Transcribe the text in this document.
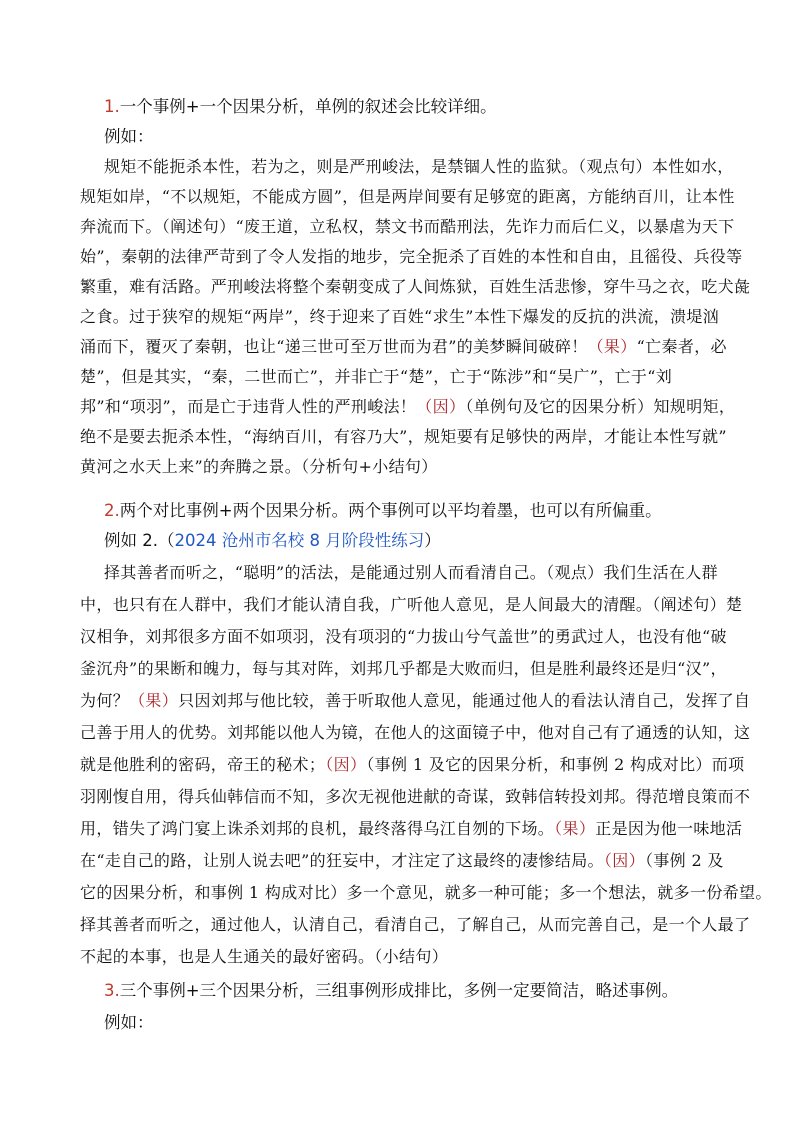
1.一个事例+一个因果分析，单例的叙述会比较详细。
例如：
规矩不能扼杀本性，若为之，则是严刑峻法，是禁锢人性的监狱。（观点句）本性如水，
规矩如岸，“不以规矩，不能成方圆”，但是两岸间要有足够宽的距离，方能纳百川，让本性
奔流而下。（阐述句）“废王道，立私权，禁文书而酷刑法，先诈力而后仁义，以暴虐为天下
始”，秦朝的法律严苛到了令人发指的地步，完全扼杀了百姓的本性和自由，且徭役、兵役等
繁重，难有活路。严刑峻法将整个秦朝变成了人间炼狱，百姓生活悲惨，穿牛马之衣，吃犬彘
之食。过于狭窄的规矩“两岸”，终于迎来了百姓“求生”本性下爆发的反抗的洪流，溃堤汹
涌而下，覆灭了秦朝，也让“递三世可至万世而为君”的美梦瞬间破碎！（果）“亡秦者，必
楚”，但是其实，“秦，二世而亡”，并非亡于“楚”，亡于“陈涉”和“吴广”，亡于“刘
邦”和“项羽”，而是亡于违背人性的严刑峻法！（因）（单例句及它的因果分析）知规明矩，
绝不是要去扼杀本性，“海纳百川，有容乃大”，规矩要有足够快的两岸，才能让本性写就”
黄河之水天上来”的奔腾之景。（分析句+小结句）
2.两个对比事例+两个因果分析。两个事例可以平均着墨，也可以有所偏重。
例如 2.（2024 沧州市名校 8 月阶段性练习）
择其善者而听之，“聪明”的活法，是能通过别人而看清自己。（观点）我们生活在人群
中，也只有在人群中，我们才能认清自我，广听他人意见，是人间最大的清醒。（阐述句）楚
汉相争，刘邦很多方面不如项羽，没有项羽的“力拔山兮气盖世”的勇武过人，也没有他“破
釜沉舟”的果断和魄力，每与其对阵，刘邦几乎都是大败而归，但是胜利最终还是归“汉”，
为何？（果）只因刘邦与他比较，善于听取他人意见，能通过他人的看法认清自己，发挥了自
己善于用人的优势。刘邦能以他人为镜，在他人的这面镜子中，他对自己有了通透的认知，这
就是他胜利的密码，帝王的秘术；（因）（事例 1 及它的因果分析，和事例 2 构成对比）而项
羽刚愎自用，得兵仙韩信而不知，多次无视他进献的奇谋，致韩信转投刘邦。得范增良策而不
用，错失了鸿门宴上诛杀刘邦的良机，最终落得乌江自刎的下场。（果）正是因为他一味地活
在“走自己的路，让别人说去吧”的狂妄中，才注定了这最终的凄惨结局。（因）（事例 2 及
它的因果分析，和事例 1 构成对比）多一个意见，就多一种可能；多一个想法，就多一份希望。
择其善者而听之，通过他人，认清自己，看清自己，了解自己，从而完善自己，是一个人最了
不起的本事，也是人生通关的最好密码。（小结句）
3.三个事例+三个因果分析，三组事例形成排比，多例一定要简洁，略述事例。
例如：
